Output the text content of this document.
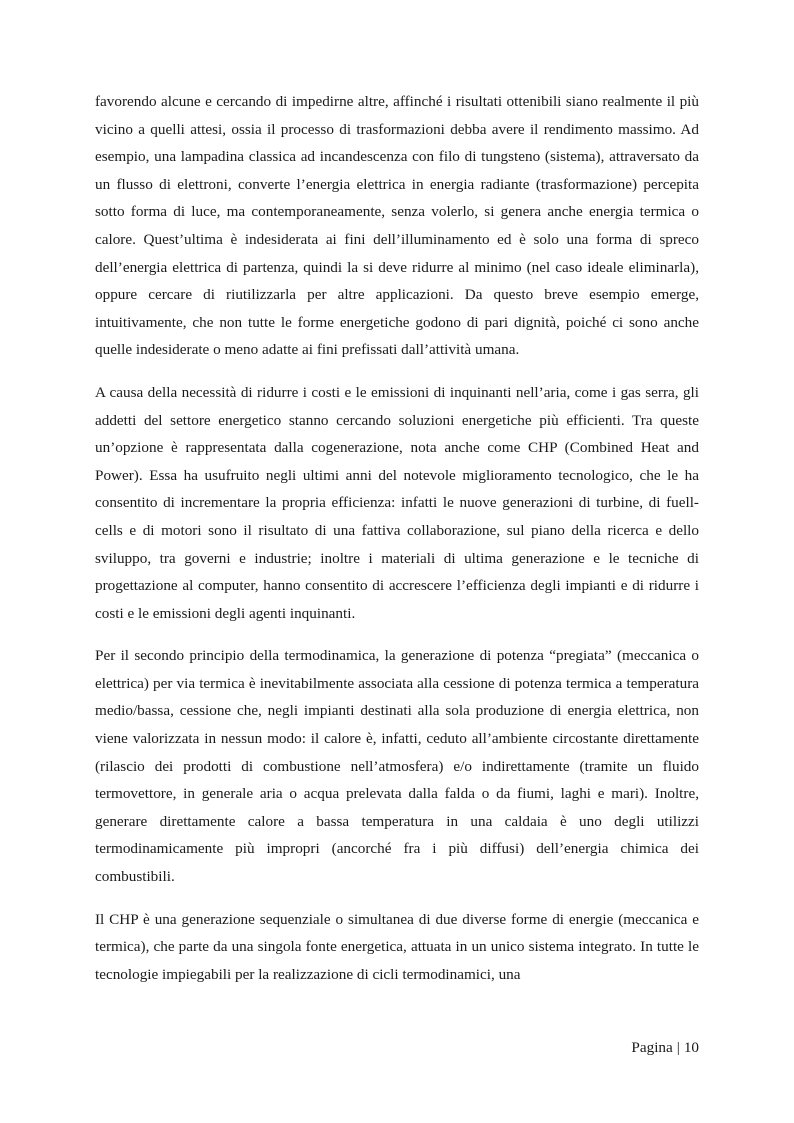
favorendo alcune e cercando di impedirne altre, affinché i risultati ottenibili siano realmente il più vicino a quelli attesi, ossia il processo di trasformazioni debba avere il rendimento massimo. Ad esempio, una lampadina classica ad incandescenza con filo di tungsteno (sistema), attraversato da un flusso di elettroni, converte l’energia elettrica in energia radiante (trasformazione) percepita sotto forma di luce, ma contemporaneamente, senza volerlo, si genera anche energia termica o calore. Quest’ultima è indesiderata ai fini dell’illuminamento ed è solo una forma di spreco dell’energia elettrica di partenza, quindi la si deve ridurre al minimo (nel caso ideale eliminarla), oppure cercare di riutilizzarla per altre applicazioni. Da questo breve esempio emerge, intuitivamente, che non tutte le forme energetiche godono di pari dignità, poiché ci sono anche quelle indesiderate o meno adatte ai fini prefissati dall’attività umana.

A causa della necessità di ridurre i costi e le emissioni di inquinanti nell’aria, come i gas serra, gli addetti del settore energetico stanno cercando soluzioni energetiche più efficienti. Tra queste un’opzione è rappresentata dalla cogenerazione, nota anche come CHP (Combined Heat and Power). Essa ha usufruito negli ultimi anni del notevole miglioramento tecnologico, che le ha consentito di incrementare la propria efficienza: infatti le nuove generazioni di turbine, di fuell-cells e di motori sono il risultato di una fattiva collaborazione, sul piano della ricerca e dello sviluppo, tra governi e industrie; inoltre i materiali di ultima generazione e le tecniche di progettazione al computer, hanno consentito di accrescere l’efficienza degli impianti e di ridurre i costi e le emissioni degli agenti inquinanti.

Per il secondo principio della termodinamica, la generazione di potenza “pregiata” (meccanica o elettrica) per via termica è inevitabilmente associata alla cessione di potenza termica a temperatura medio/bassa, cessione che, negli impianti destinati alla sola produzione di energia elettrica, non viene valorizzata in nessun modo: il calore è, infatti, ceduto all’ambiente circostante direttamente (rilascio dei prodotti di combustione nell’atmosfera) e/o indirettamente (tramite un fluido termovettore, in generale aria o acqua prelevata dalla falda o da fiumi, laghi e mari). Inoltre, generare direttamente calore a bassa temperatura in una caldaia è uno degli utilizzi termodinamicamente più impropri (ancorché fra i più diffusi) dell’energia chimica dei combustibili.

Il CHP è una generazione sequenziale o simultanea di due diverse forme di energie (meccanica e termica), che parte da una singola fonte energetica, attuata in un unico sistema integrato. In tutte le tecnologie impiegabili per la realizzazione di cicli termodinamici, una

Pagina | 10
